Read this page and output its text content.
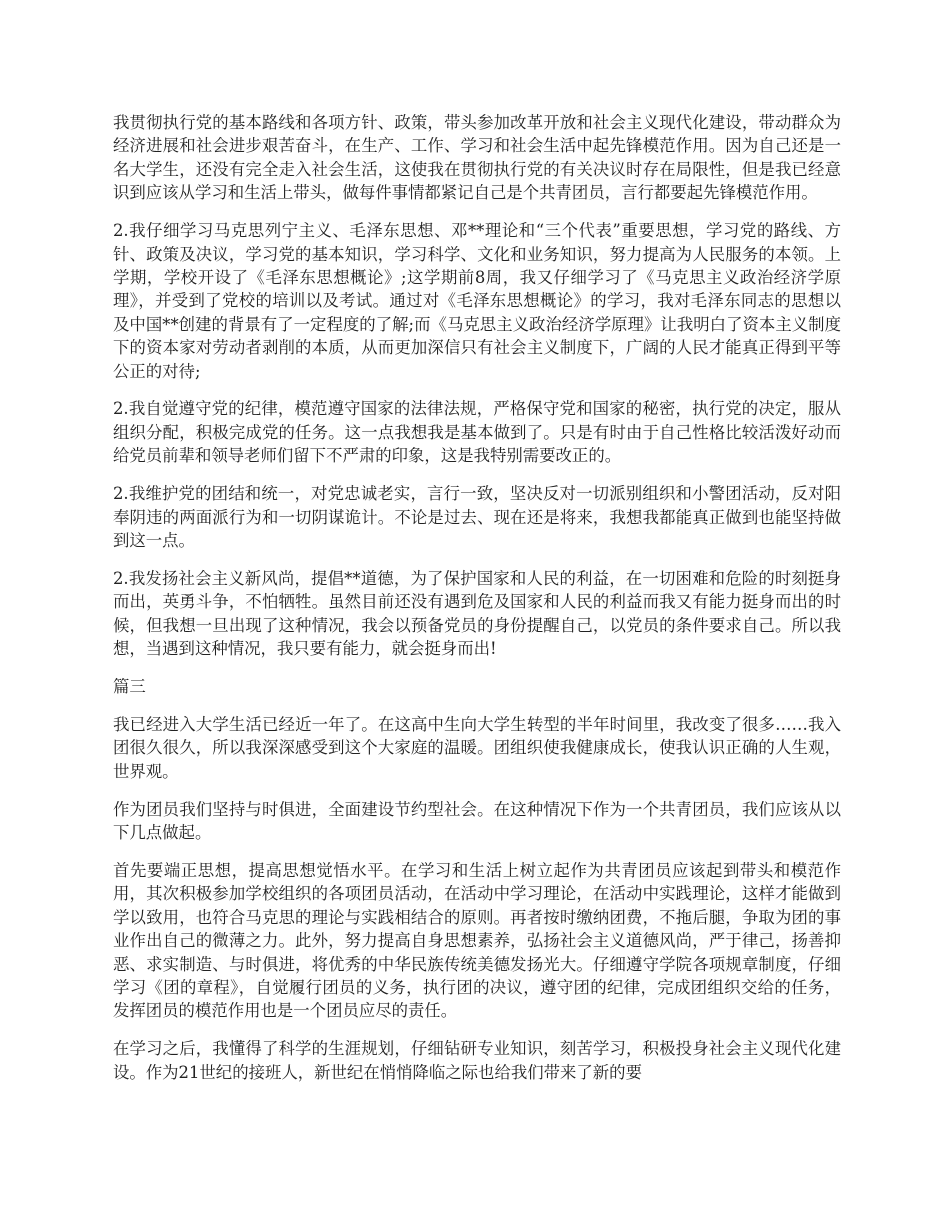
我贯彻执行党的基本路线和各项方针、政策，带头参加改革开放和社会主义现代化建设，带动群众为经济进展和社会进步艰苦奋斗，在生产、工作、学习和社会生活中起先锋模范作用。因为自己还是一名大学生，还没有完全走入社会生活，这使我在贯彻执行党的有关决议时存在局限性，但是我已经意识到应该从学习和生活上带头，做每件事情都紧记自己是个共青团员，言行都要起先锋模范作用。

2.我仔细学习马克思列宁主义、毛泽东思想、邓**理论和“三个代表”重要思想，学习党的路线、方针、政策及决议，学习党的基本知识，学习科学、文化和业务知识，努力提高为人民服务的本领。上学期，学校开设了《毛泽东思想概论》;这学期前8周，我又仔细学习了《马克思主义政治经济学原理》，并受到了党校的培训以及考试。通过对《毛泽东思想概论》的学习，我对毛泽东同志的思想以及中国**创建的背景有了一定程度的了解;而《马克思主义政治经济学原理》让我明白了资本主义制度下的资本家对劳动者剥削的本质，从而更加深信只有社会主义制度下，广阔的人民才能真正得到平等公正的对待;

2.我自觉遵守党的纪律，模范遵守国家的法律法规，严格保守党和国家的秘密，执行党的决定，服从组织分配，积极完成党的任务。这一点我想我是基本做到了。只是有时由于自己性格比较活泼好动而给党员前辈和领导老师们留下不严肃的印象，这是我特别需要改正的。

2.我维护党的团结和统一，对党忠诚老实，言行一致，坚决反对一切派别组织和小警团活动，反对阳奉阴违的两面派行为和一切阴谋诡计。不论是过去、现在还是将来，我想我都能真正做到也能坚持做到这一点。

2.我发扬社会主义新风尚，提倡**道德，为了保护国家和人民的利益，在一切困难和危险的时刻挺身而出，英勇斗争，不怕牺牲。虽然目前还没有遇到危及国家和人民的利益而我又有能力挺身而出的时候，但我想一旦出现了这种情况，我会以预备党员的身份提醒自己，以党员的条件要求自己。所以我想，当遇到这种情况，我只要有能力，就会挺身而出!

篇三

我已经进入大学生活已经近一年了。在这高中生向大学生转型的半年时间里，我改变了很多……我入团很久很久，所以我深深感受到这个大家庭的温暖。团组织使我健康成长，使我认识正确的人生观，世界观。

作为团员我们坚持与时俱进，全面建设节约型社会。在这种情况下作为一个共青团员，我们应该从以下几点做起。

首先要端正思想，提高思想觉悟水平。在学习和生活上树立起作为共青团员应该起到带头和模范作用，其次积极参加学校组织的各项团员活动，在活动中学习理论，在活动中实践理论，这样才能做到学以致用，也符合马克思的理论与实践相结合的原则。再者按时缴纳团费，不拖后腿，争取为团的事业作出自己的微薄之力。此外，努力提高自身思想素养，弘扬社会主义道德风尚，严于律己，扬善抑恶、求实制造、与时俱进，将优秀的中华民族传统美德发扬光大。仔细遵守学院各项规章制度，仔细学习《团的章程》，自觉履行团员的义务，执行团的决议，遵守团的纪律，完成团组织交给的任务，发挥团员的模范作用也是一个团员应尽的责任。

在学习之后，我懂得了科学的生涯规划，仔细钻研专业知识，刻苦学习，积极投身社会主义现代化建设。作为21世纪的接班人，新世纪在悄悄降临之际也给我们带来了新的要
